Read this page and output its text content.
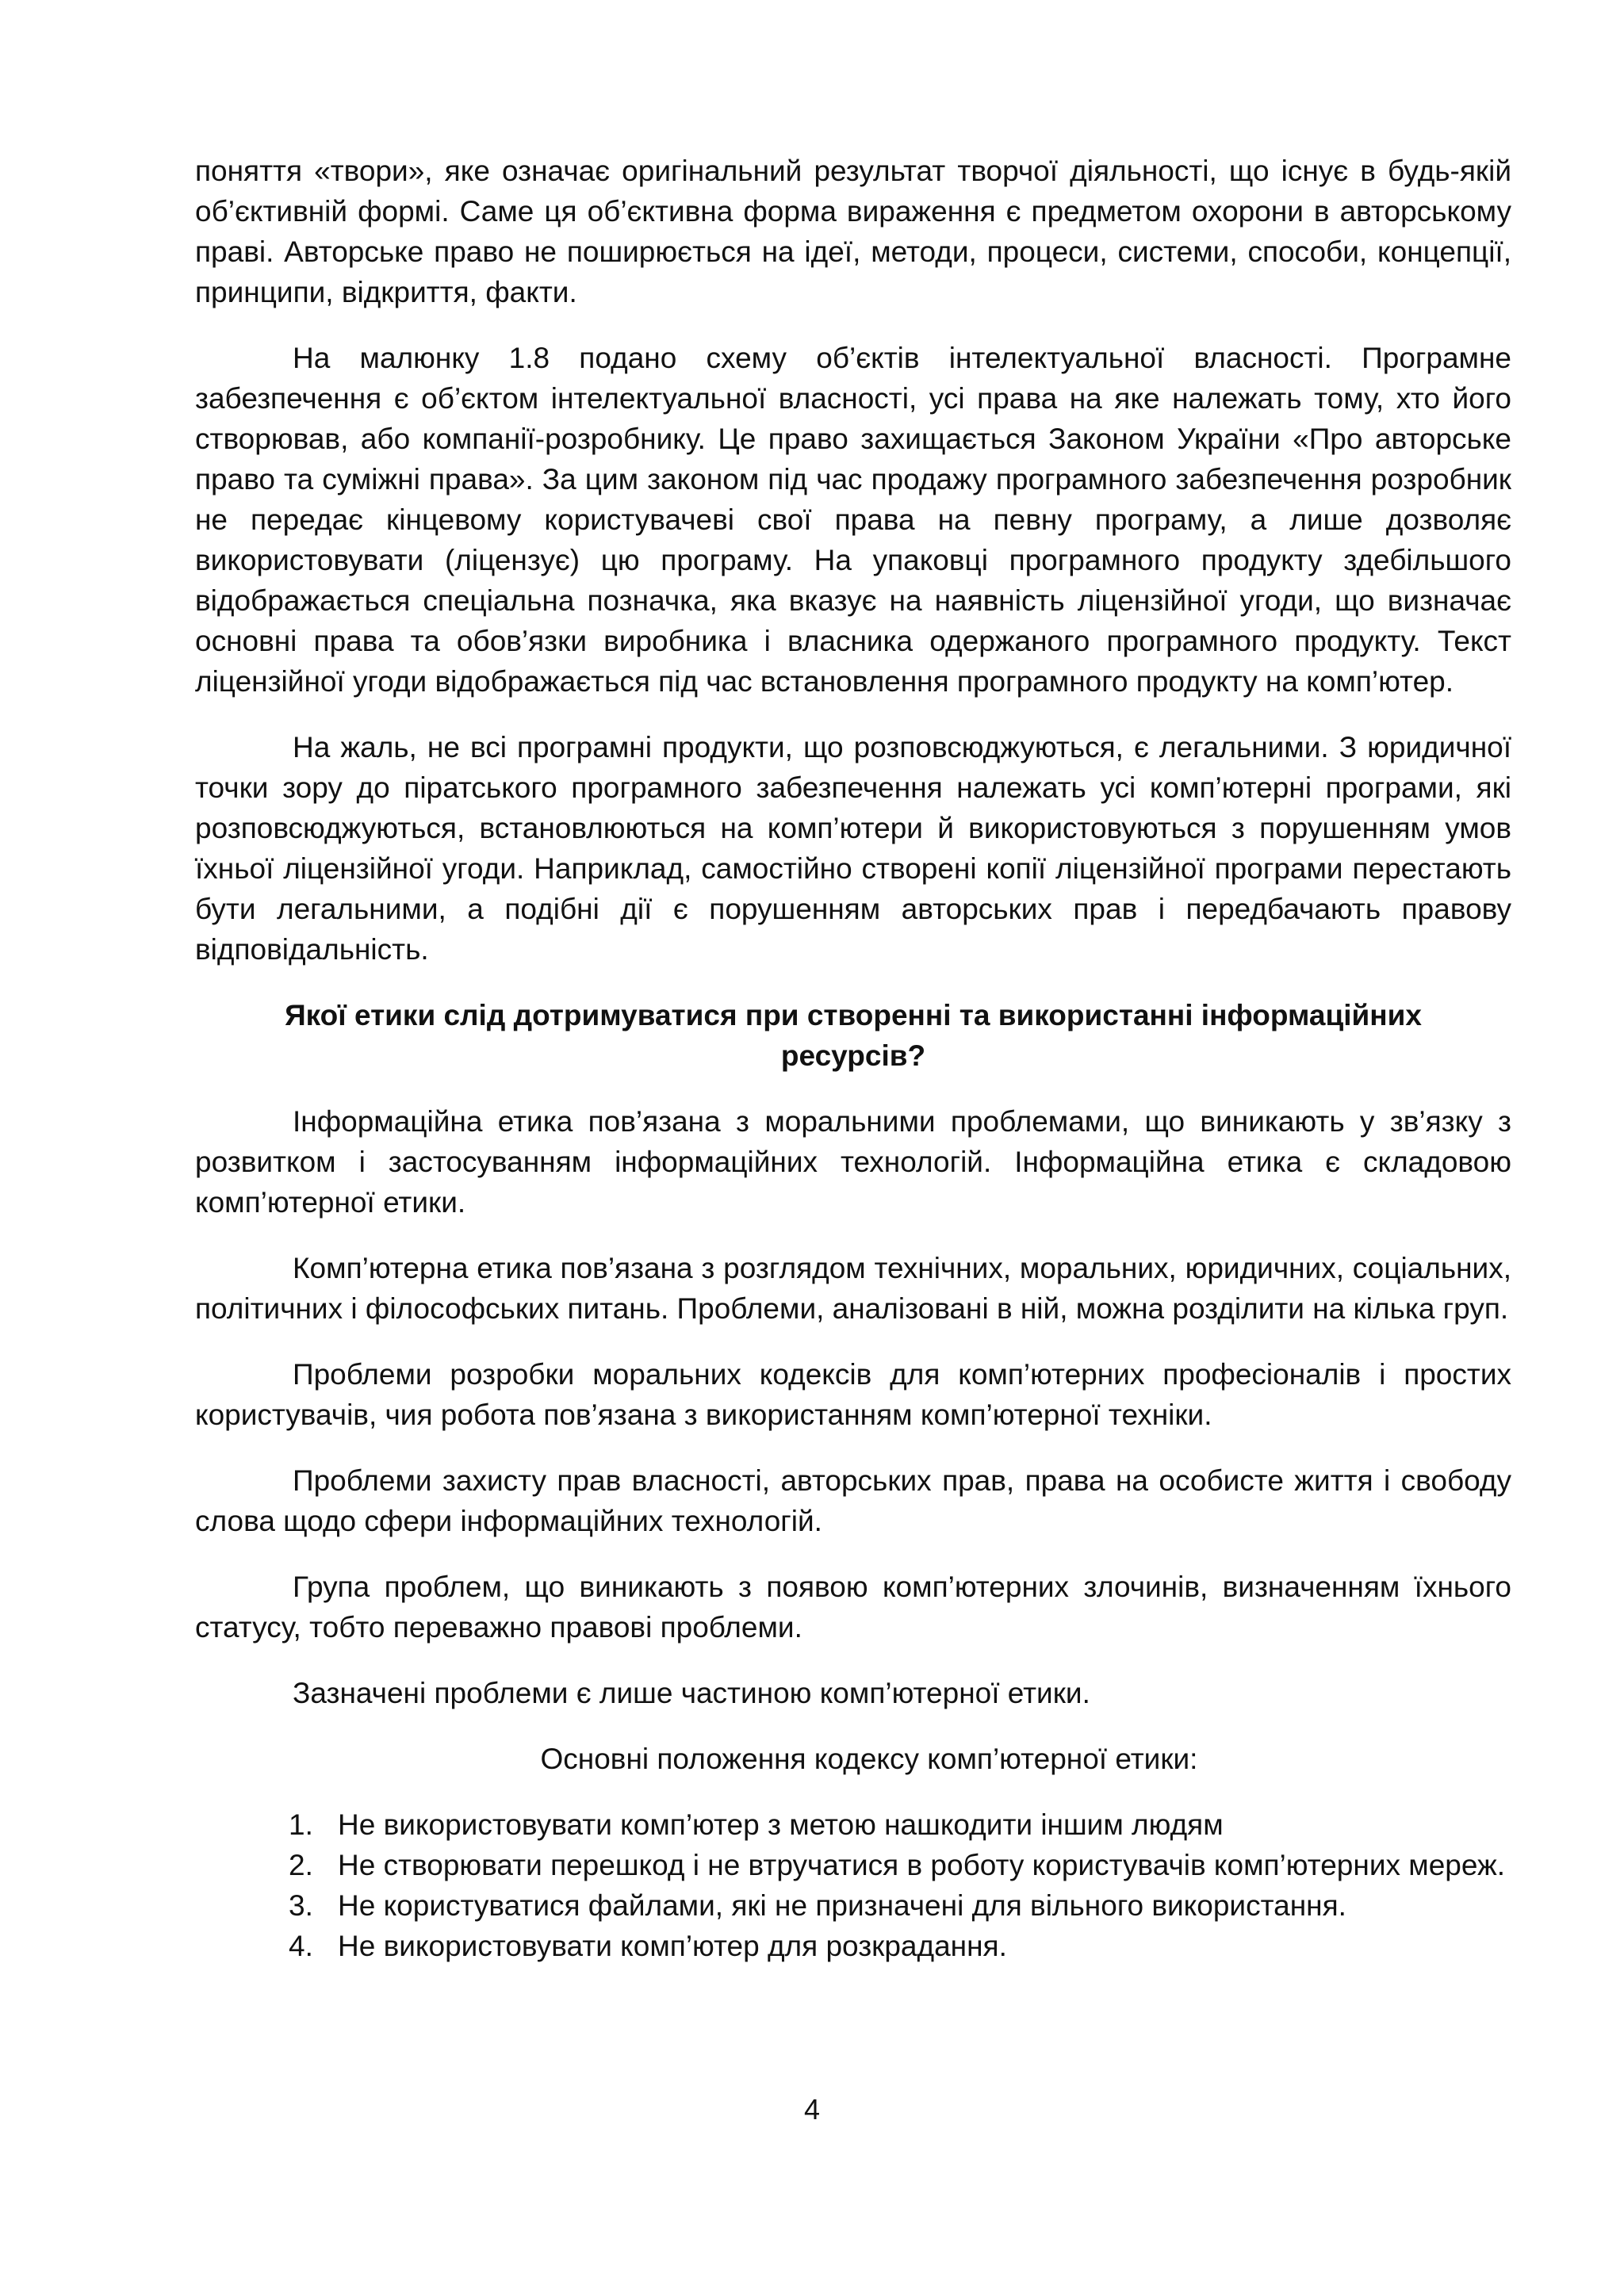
поняття «твори», яке означає оригінальний результат творчої діяльності, що існує в будь-якій об’єктивній формі. Саме ця об’єктивна форма вираження є предметом охорони в авторському праві. Авторське право не поширюється на ідеї, методи, процеси, системи, способи, концепції, принципи, відкриття, факти.

На малюнку 1.8 подано схему об’єктів інтелектуальної власності. Програмне забезпечення є об’єктом інтелектуальної власності, усі права на яке належать тому, хто його створював, або компанії-розробнику. Це право захищається Законом України «Про авторське право та суміжні права». За цим законом під час продажу програмного забезпечення розробник не передає кінцевому користувачеві свої права на певну програму, а лише дозволяє використовувати (ліцензує) цю програму. На упаковці програмного продукту здебільшого відображається спеціальна позначка, яка вказує на наявність ліцензійної угоди, що визначає основні права та обов’язки виробника і власника одержаного програмного продукту. Текст ліцензійної угоди відображається під час встановлення програмного продукту на комп’ютер.

На жаль, не всі програмні продукти, що розповсюджуються, є легальними. З юридичної точки зору до піратського програмного забезпечення належать усі комп’ютерні програми, які розповсюджуються, встановлюються на комп’ютери й використовуються з порушенням умов їхньої ліцензійної угоди. Наприклад, самостійно створені копії ліцензійної програми перестають бути легальними, а подібні дії є порушенням авторських прав і передбачають правову відповідальність.

Якої етики слід дотримуватися при створенні та використанні інформаційних ресурсів?

Інформаційна етика пов’язана з моральними проблемами, що виникають у зв’язку з розвитком і застосуванням інформаційних технологій. Інформаційна етика є складовою комп’ютерної етики.

Комп’ютерна етика пов’язана з розглядом технічних, моральних, юридичних, соціальних, політичних і філософських питань. Проблеми, аналізовані в ній, можна розділити на кілька груп.

Проблеми розробки моральних кодексів для комп’ютерних професіоналів і простих користувачів, чия робота пов’язана з використанням комп’ютерної техніки.

Проблеми захисту прав власності, авторських прав, права на особисте життя і свободу слова щодо сфери інформаційних технологій.

Група проблем, що виникають з появою комп’ютерних злочинів, визначенням їхнього статусу, тобто переважно правові проблеми.

Зазначені проблеми є лише частиною комп’ютерної етики.

Основні положення кодексу комп’ютерної етики:

1. Не використовувати комп’ютер з метою нашкодити іншим людям
2. Не створювати перешкод і не втручатися в роботу користувачів комп’ютерних мереж.
3. Не користуватися файлами, які не призначені для вільного використання.
4. Не використовувати комп’ютер для розкрадання.
4
